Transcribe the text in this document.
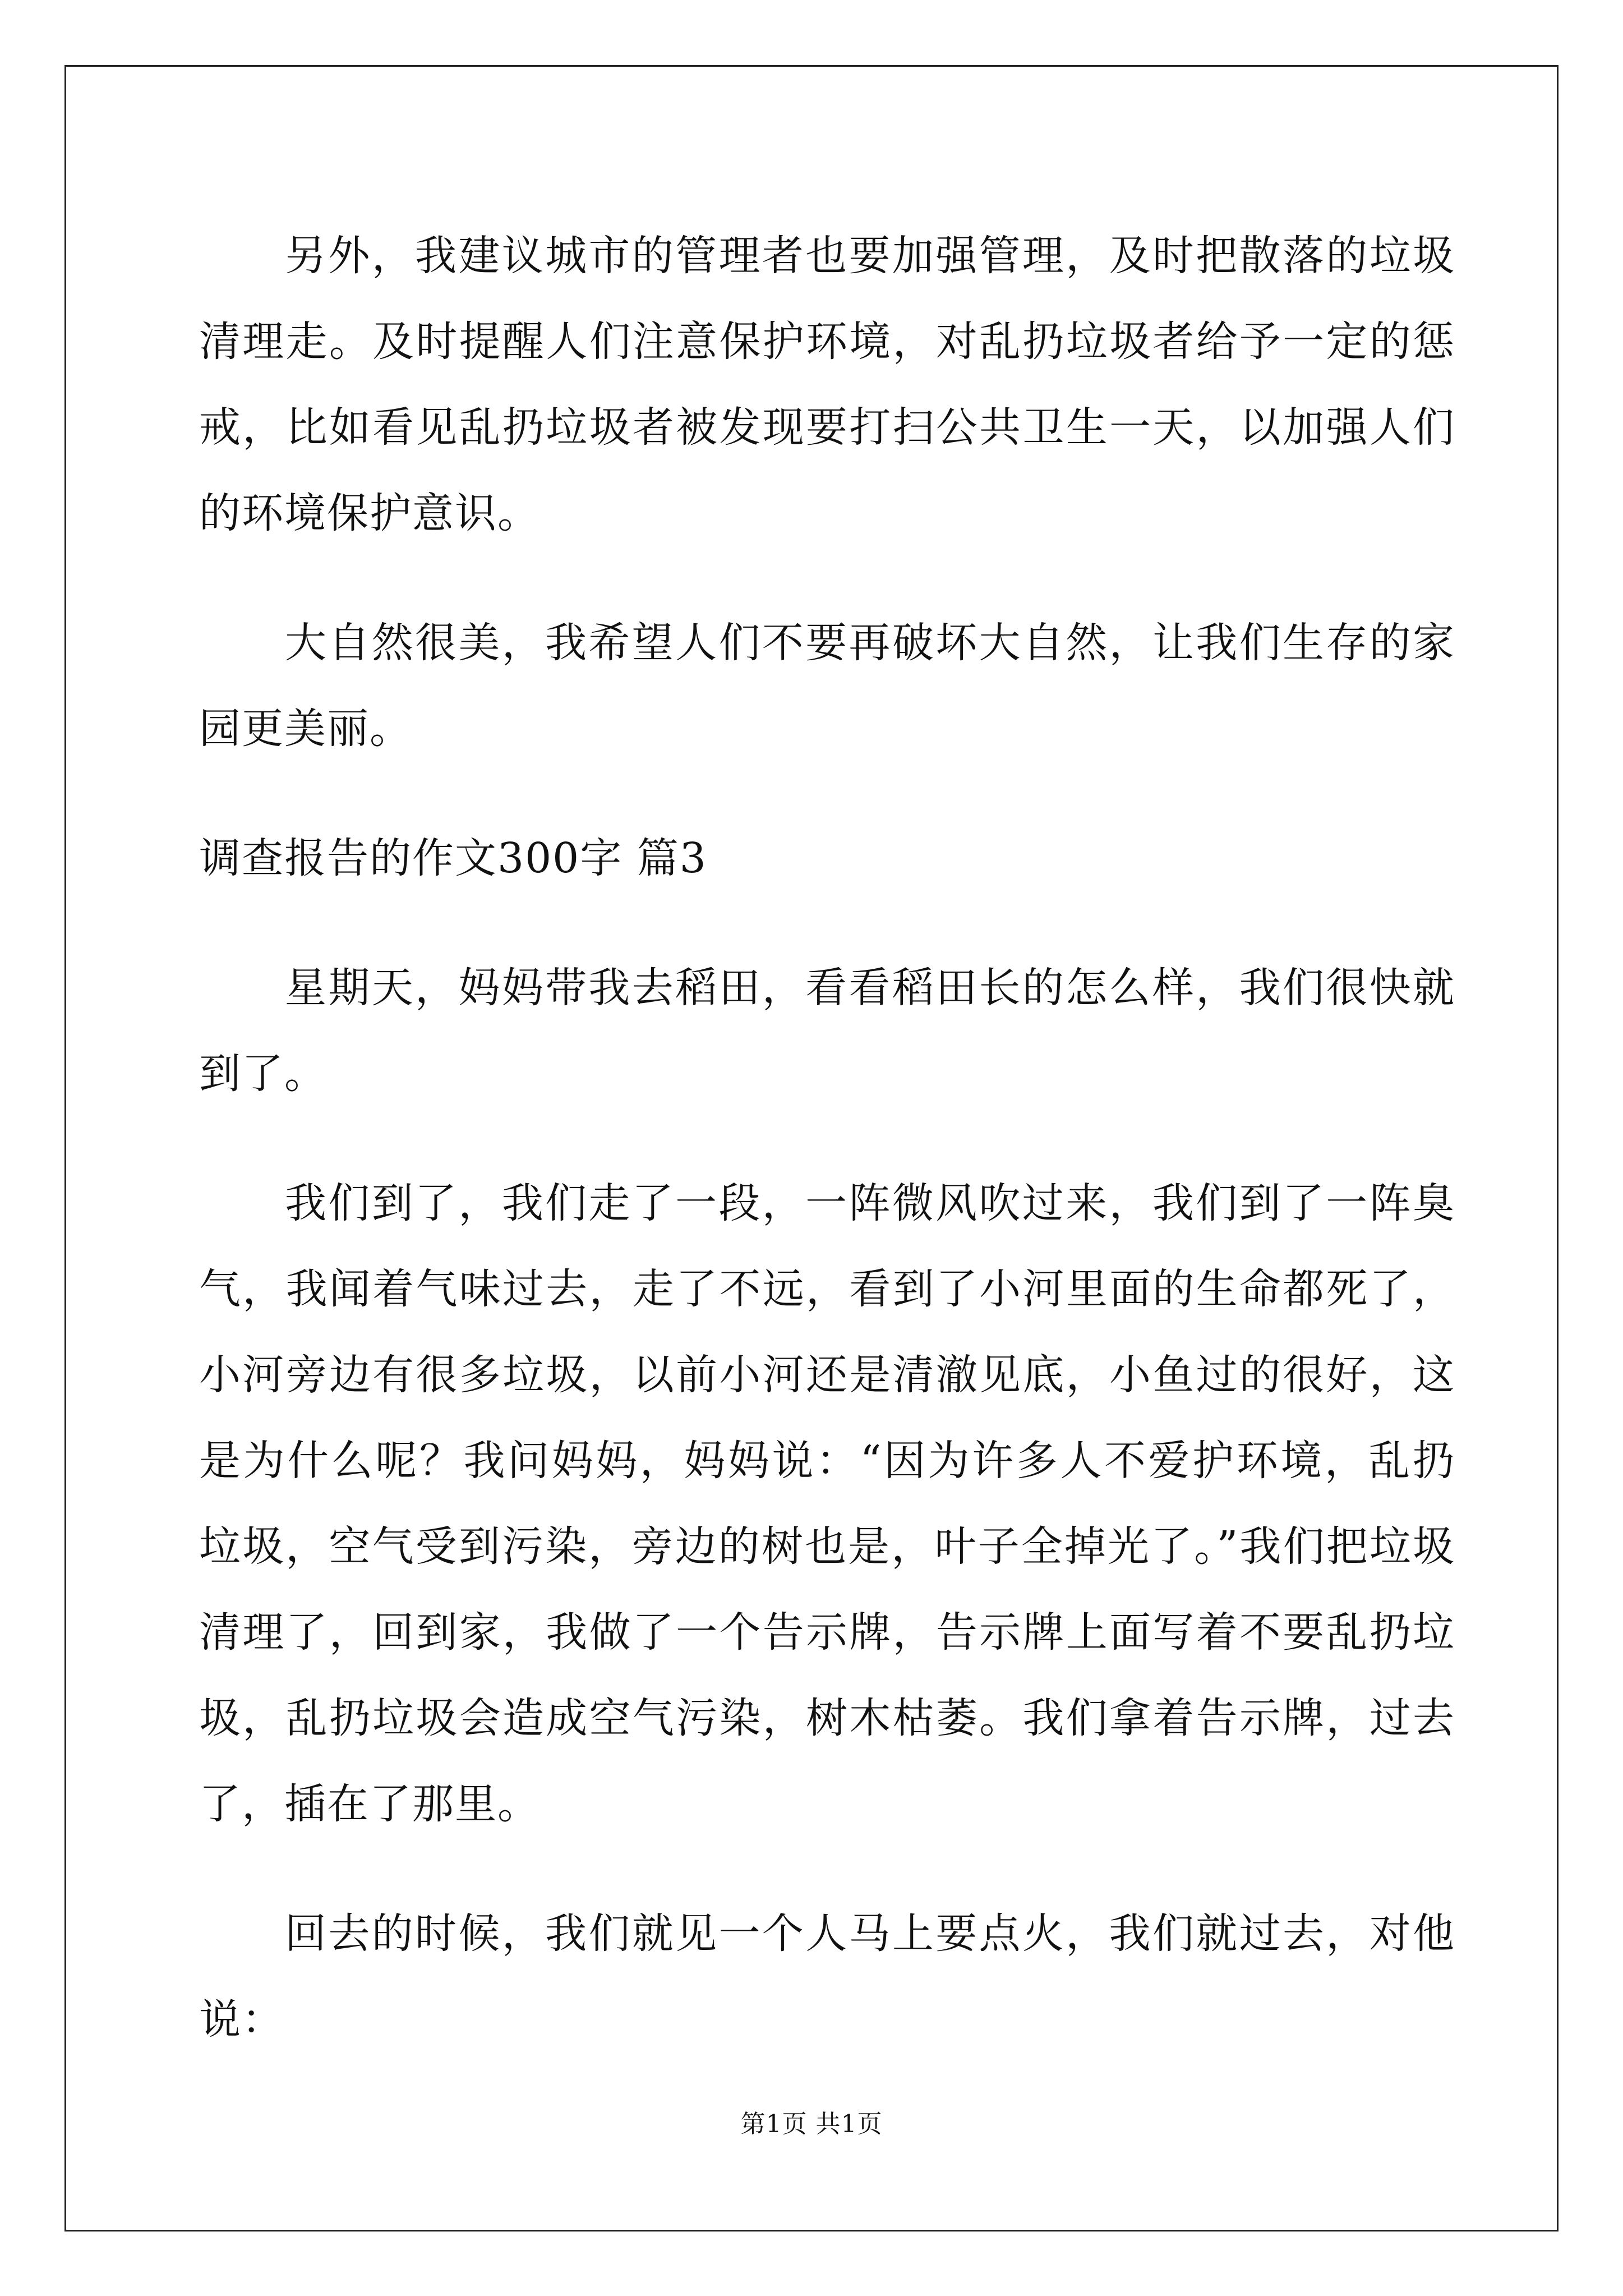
另外，我建议城市的管理者也要加强管理，及时把散落的垃圾清理走。及时提醒人们注意保护环境，对乱扔垃圾者给予一定的惩戒，比如看见乱扔垃圾者被发现要打扫公共卫生一天，以加强人们的环境保护意识。

大自然很美，我希望人们不要再破坏大自然，让我们生存的家园更美丽。

调查报告的作文300字 篇3

星期天，妈妈带我去稻田，看看稻田长的怎么样，我们很快就到了。

我们到了，我们走了一段，一阵微风吹过来，我们到了一阵臭气，我闻着气味过去，走了不远，看到了小河里面的生命都死了，小河旁边有很多垃圾，以前小河还是清澈见底，小鱼过的很好，这是为什么呢？我问妈妈，妈妈说：“因为许多人不爱护环境，乱扔垃圾，空气受到污染，旁边的树也是，叶子全掉光了。”我们把垃圾清理了，回到家，我做了一个告示牌，告示牌上面写着不要乱扔垃圾，乱扔垃圾会造成空气污染，树木枯萎。我们拿着告示牌，过去了，插在了那里。

回去的时候，我们就见一个人马上要点火，我们就过去，对他说：

第1页 共1页
